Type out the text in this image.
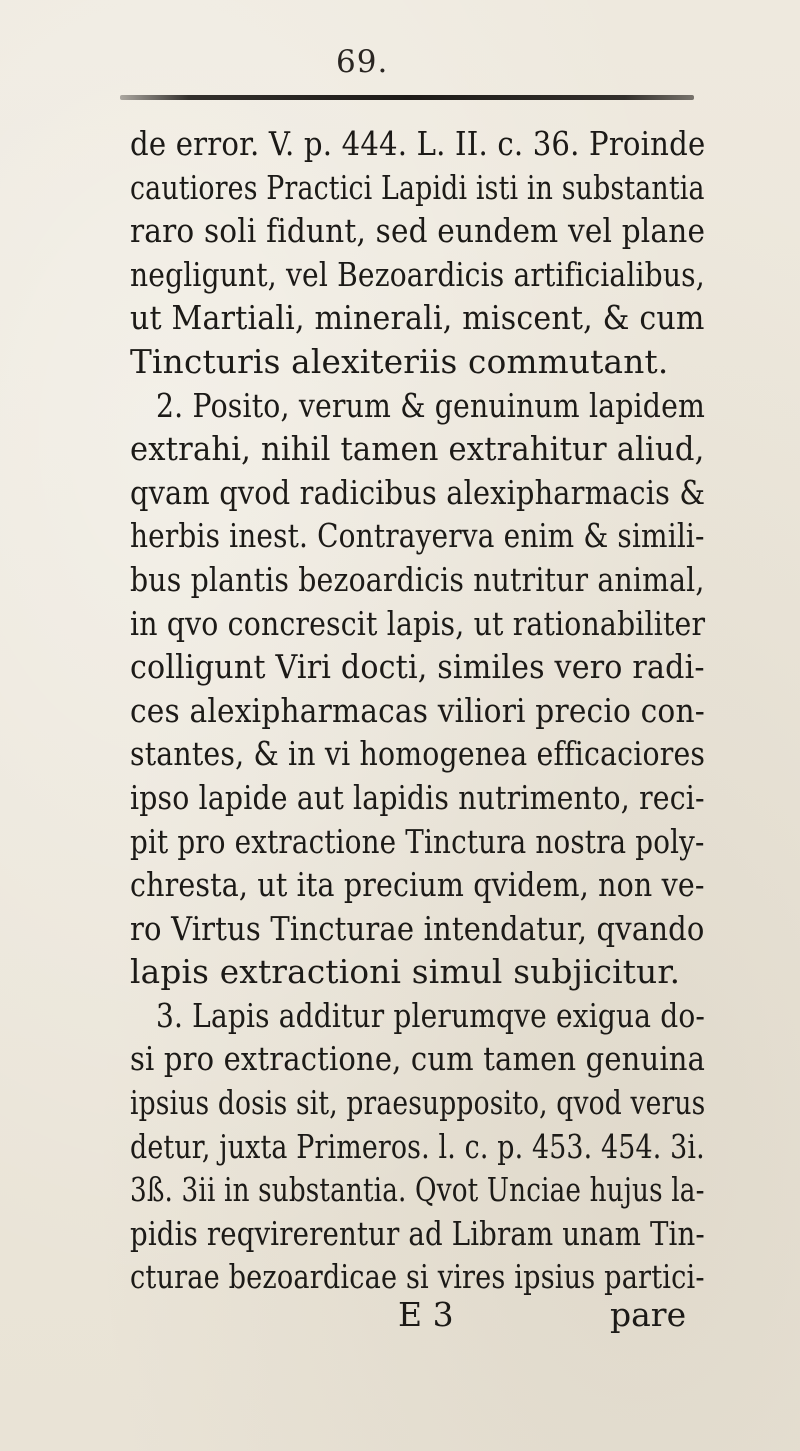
69.
de error. V. p. 444. L. II. c. 36. Proinde
cautiores Practici Lapidi isti in substantia
raro soli fidunt, sed eundem vel plane
negligunt, vel Bezoardicis artificialibus,
ut Martiali, minerali, miscent, & cum
Tincturis alexiteriis commutant.
2. Posito, verum & genuinum lapidem
extrahi, nihil tamen extrahitur aliud,
qvam qvod radicibus alexipharmacis &
herbis inest. Contrayerva enim & simili-
bus plantis bezoardicis nutritur animal,
in qvo concrescit lapis, ut rationabiliter
colligunt Viri docti, similes vero radi-
ces alexipharmacas viliori precio con-
stantes, & in vi homogenea efficaciores
ipso lapide aut lapidis nutrimento, reci-
pit pro extractione Tinctura nostra poly-
chresta, ut ita precium qvidem, non ve-
ro Virtus Tincturae intendatur, qvando
lapis extractioni simul subjicitur.
3. Lapis additur plerumqve exigua do-
si pro extractione, cum tamen genuina
ipsius dosis sit, praesupposito, qvod verus
detur, juxta Primeros. l. c. p. 453. 454. 3i.
3ß. 3ii in substantia. Qvot Unciae hujus la-
pidis reqvirerentur ad Libram unam Tin-
cturae bezoardicae si vires ipsius partici-
E 3	pare
